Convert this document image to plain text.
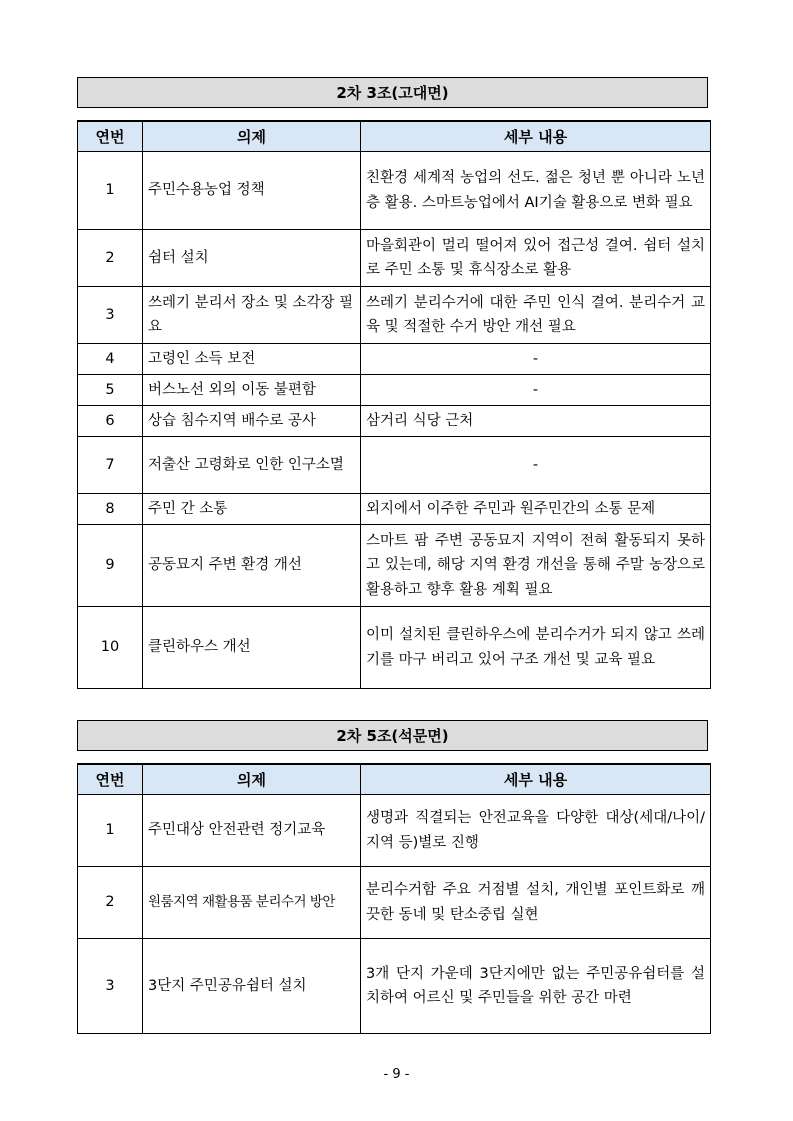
2차 3조(고대면)
연번	의제	세부 내용
1	주민수용농업 정책	친환경 세계적 농업의 선도. 젊은 청년 뿐 아니라 노년층 활용. 스마트농업에서 AI기술 활용으로 변화 필요
2	쉼터 설치	마을회관이 멀리 떨어져 있어 접근성 결여. 쉼터 설치로 주민 소통 및 휴식장소로 활용
3	쓰레기 분리서 장소 및 소각장 필요	쓰레기 분리수거에 대한 주민 인식 결여. 분리수거 교육 및 적절한 수거 방안 개선 필요
4	고령인 소득 보전	-
5	버스노선 외의 이동 불편함	-
6	상습 침수지역 배수로 공사	삼거리 식당 근처
7	저출산 고령화로 인한 인구소멸	-
8	주민 간 소통	외지에서 이주한 주민과 원주민간의 소통 문제
9	공동묘지 주변 환경 개선	스마트 팜 주변 공동묘지 지역이 전혀 활동되지 못하고 있는데, 해당 지역 환경 개선을 통해 주말 농장으로 활용하고 향후 활용 계획 필요
10	클린하우스 개선	이미 설치된 클린하우스에 분리수거가 되지 않고 쓰레기를 마구 버리고 있어 구조 개선 및 교육 필요
2차 5조(석문면)
연번	의제	세부 내용
1	주민대상 안전관련 정기교육	생명과 직결되는 안전교육을 다양한 대상(세대/나이/지역 등)별로 진행
2	원룸지역 재활용품 분리수거 방안	분리수거함 주요 거점별 설치, 개인별 포인트화로 깨끗한 동네 및 탄소중립 실현
3	3단지 주민공유쉼터 설치	3개 단지 가운데 3단지에만 없는 주민공유쉼터를 설치하여 어르신 및 주민들을 위한 공간 마련
- 9 -
